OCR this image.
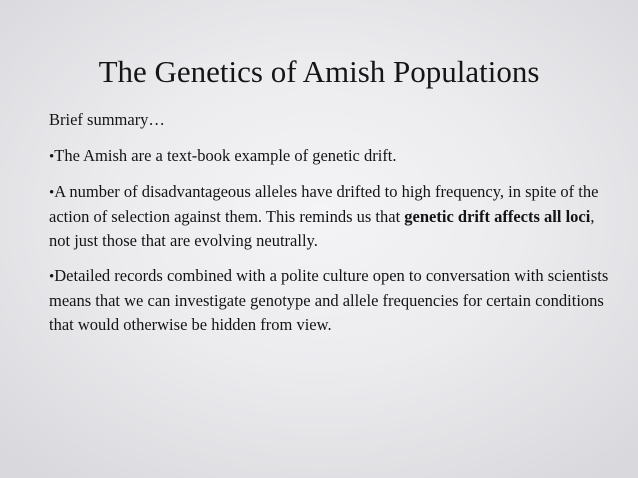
The Genetics of Amish Populations

Brief summary…

•The Amish are a text-book example of genetic drift.

•A number of disadvantageous alleles have drifted to high frequency, in spite of the action of selection against them. This reminds us that genetic drift affects all loci, not just those that are evolving neutrally.

•Detailed records combined with a polite culture open to conversation with scientists means that we can investigate genotype and allele frequencies for certain conditions that would otherwise be hidden from view.
